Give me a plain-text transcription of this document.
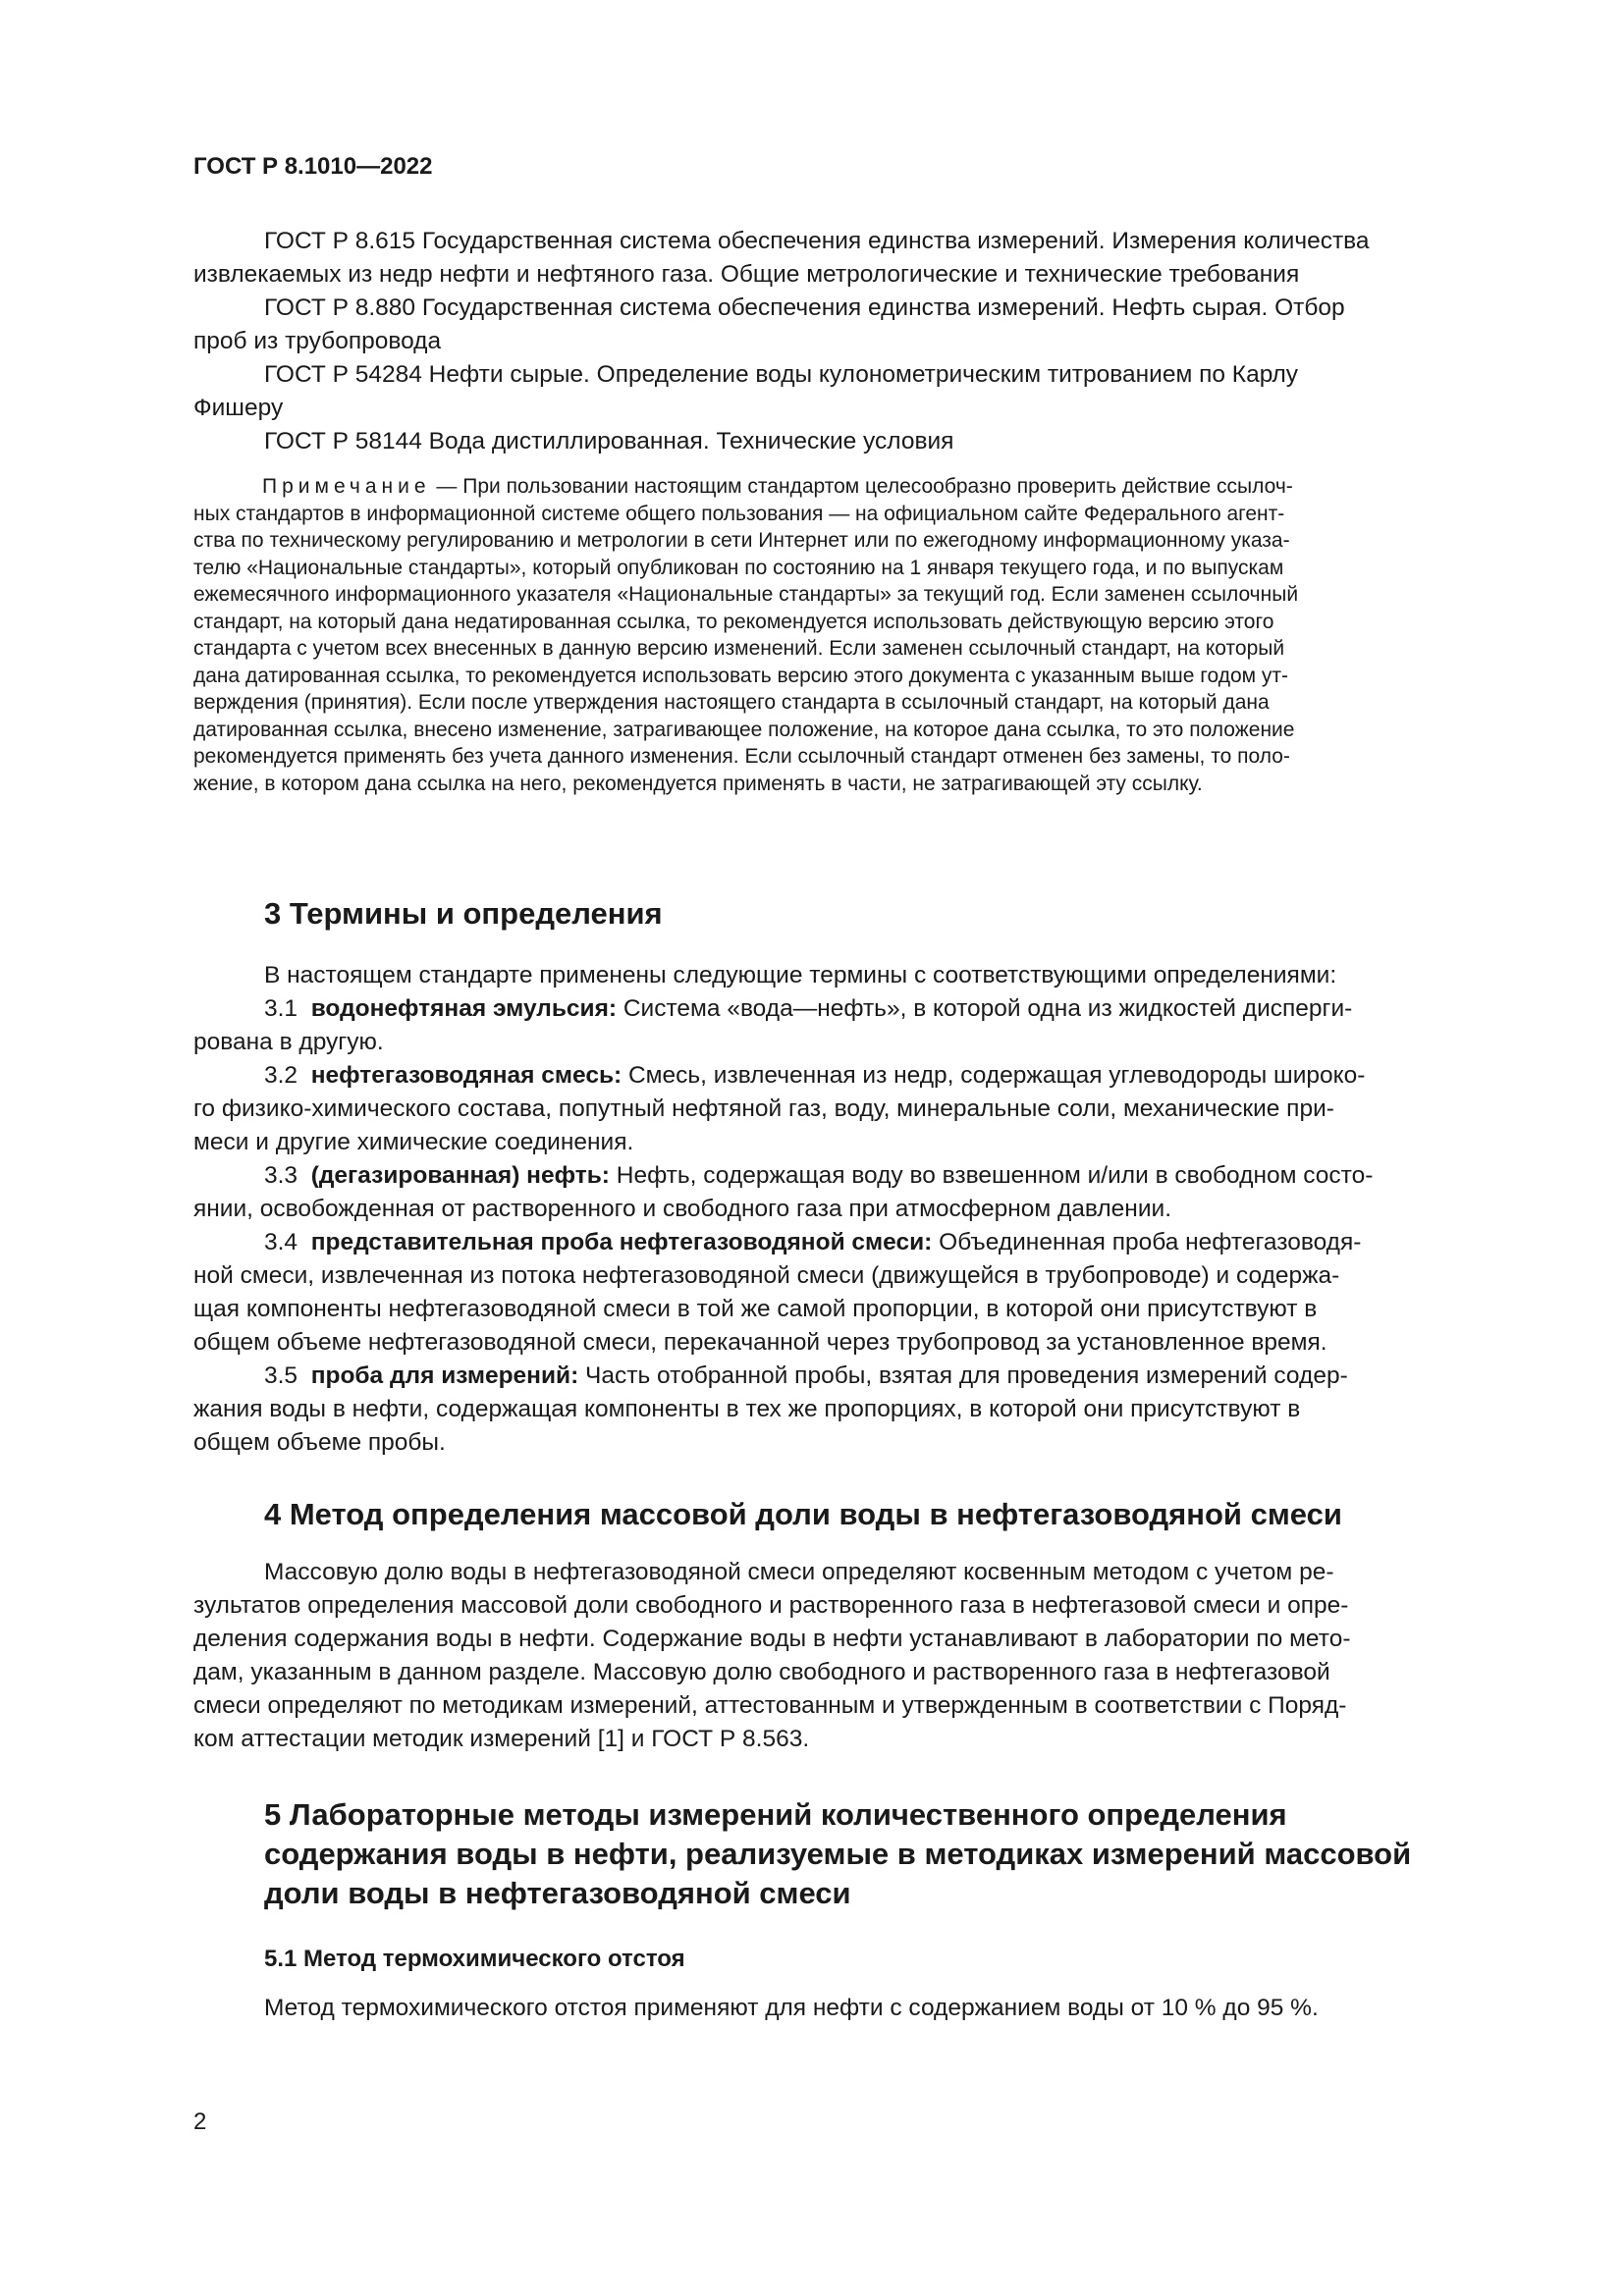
ГОСТ Р 8.1010—2022

ГОСТ Р 8.615 Государственная система обеспечения единства измерений. Измерения количества
извлекаемых из недр нефти и нефтяного газа. Общие метрологические и технические требования

ГОСТ Р 8.880 Государственная система обеспечения единства измерений. Нефть сырая. Отбор
проб из трубопровода

ГОСТ Р 54284 Нефти сырые. Определение воды кулонометрическим титрованием по Карлу
Фишеру

ГОСТ Р 58144 Вода дистиллированная. Технические условия

Примечание — При пользовании настоящим стандартом целесообразно проверить действие ссылоч-
ных стандартов в информационной системе общего пользования — на официальном сайте Федерального агент-
ства по техническому регулированию и метрологии в сети Интернет или по ежегодному информационному указа-
телю «Национальные стандарты», который опубликован по состоянию на 1 января текущего года, и по выпускам
ежемесячного информационного указателя «Национальные стандарты» за текущий год. Если заменен ссылочный
стандарт, на который дана недатированная ссылка, то рекомендуется использовать действующую версию этого
стандарта с учетом всех внесенных в данную версию изменений. Если заменен ссылочный стандарт, на который
дана датированная ссылка, то рекомендуется использовать версию этого документа с указанным выше годом ут-
верждения (принятия). Если после утверждения настоящего стандарта в ссылочный стандарт, на который дана
датированная ссылка, внесено изменение, затрагивающее положение, на которое дана ссылка, то это положение
рекомендуется применять без учета данного изменения. Если ссылочный стандарт отменен без замены, то поло-
жение, в котором дана ссылка на него, рекомендуется применять в части, не затрагивающей эту ссылку.

3 Термины и определения

В настоящем стандарте применены следующие термины с соответствующими определениями:

3.1 водонефтяная эмульсия: Система «вода—нефть», в которой одна из жидкостей дисперги-
рована в другую.

3.2 нефтегазоводяная смесь: Смесь, извлеченная из недр, содержащая углеводороды широко-
го физико-химического состава, попутный нефтяной газ, воду, минеральные соли, механические при-
меси и другие химические соединения.

3.3 (дегазированная) нефть: Нефть, содержащая воду во взвешенном и/или в свободном состо-
янии, освобожденная от растворенного и свободного газа при атмосферном давлении.

3.4 представительная проба нефтегазоводяной смеси: Объединенная проба нефтегазоводя-
ной смеси, извлеченная из потока нефтегазоводяной смеси (движущейся в трубопроводе) и содержа-
щая компоненты нефтегазоводяной смеси в той же самой пропорции, в которой они присутствуют в
общем объеме нефтегазоводяной смеси, перекачанной через трубопровод за установленное время.

3.5 проба для измерений: Часть отобранной пробы, взятая для проведения измерений содер-
жания воды в нефти, содержащая компоненты в тех же пропорциях, в которой они присутствуют в
общем объеме пробы.

4 Метод определения массовой доли воды в нефтегазоводяной смеси

Массовую долю воды в нефтегазоводяной смеси определяют косвенным методом с учетом ре-
зультатов определения массовой доли свободного и растворенного газа в нефтегазовой смеси и опре-
деления содержания воды в нефти. Содержание воды в нефти устанавливают в лаборатории по мето-
дам, указанным в данном разделе. Массовую долю свободного и растворенного газа в нефтегазовой
смеси определяют по методикам измерений, аттестованным и утвержденным в соответствии с Поряд-
ком аттестации методик измерений [1] и ГОСТ Р 8.563.

5 Лабораторные методы измерений количественного определения
содержания воды в нефти, реализуемые в методиках измерений массовой
доли воды в нефтегазоводяной смеси
5.1 Метод термохимического отстоя

Метод термохимического отстоя применяют для нефти с содержанием воды от 10 % до 95 %.

2
